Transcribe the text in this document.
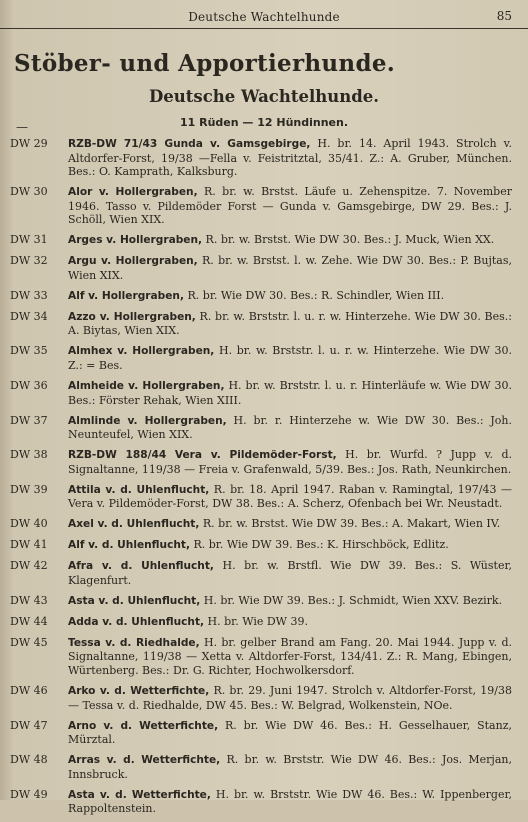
Deutsche Wachtelhunde	85
Stöber- und Apportierhunde.
Deutsche Wachtelhunde.
—	11 Rüden — 12 Hündinnen.
DW 29 RZB-DW 71/43 Gunda v. Gamsgebirge, H. br. 14. April 1943. Strolch v. Altdorfer-Forst, 19/38 —Fella v. Feistritztal, 35/41. Z.: A. Gruber, München. Bes.: O. Kamprath, Kalksburg.
DW 30 Alor v. Hollergraben, R. br. w. Brstst. Läufe u. Zehenspitze. 7. November 1946. Tasso v. Pildemöder Forst — Gunda v. Gamsgebirge, DW 29. Bes.: J. Schöll, Wien XIX.
DW 31 Arges v. Hollergraben, R. br. w. Brstst. Wie DW 30. Bes.: J. Muck, Wien XX.
DW 32 Argu v. Hollergraben, R. br. w. Brstst. l. w. Zehe. Wie DW 30. Bes.: P. Bujtas, Wien XIX.
DW 33 Alf v. Hollergraben, R. br. Wie DW 30. Bes.: R. Schindler, Wien III.
DW 34 Azzo v. Hollergraben, R. br. w. Brststr. l. u. r. w. Hinterzehe. Wie DW 30. Bes.: A. Biytas, Wien XIX.
DW 35 Almhex v. Hollergraben, H. br. w. Brststr. l. u. r. w. Hinterzehe. Wie DW 30. Z.: = Bes.
DW 36 Almheide v. Hollergraben, H. br. w. Brststr. l. u. r. Hinterläufe w. Wie DW 30. Bes.: Förster Rehak, Wien XIII.
DW 37 Almlinde v. Hollergraben, H. br. r. Hinterzehe w. Wie DW 30. Bes.: Joh. Neunteufel, Wien XIX.
DW 38 RZB-DW 188/44 Vera v. Pildemöder-Forst, H. br. Wurfd. ? Jupp v. d. Signaltanne, 119/38 — Freia v. Grafenwald, 5/39. Bes.: Jos. Rath, Neunkirchen.
DW 39 Attila v. d. Uhlenflucht, R. br. 18. April 1947. Raban v. Ramingtal, 197/43 — Vera v. Pildemöder-Forst, DW 38. Bes.: A. Scherz, Ofenbach bei Wr. Neustadt.
DW 40 Axel v. d. Uhlenflucht, R. br. w. Brstst. Wie DW 39. Bes.: A. Makart, Wien IV.
DW 41 Alf v. d. Uhlenflucht, R. br. Wie DW 39. Bes.: K. Hirschböck, Edlitz.
DW 42 Afra v. d. Uhlenflucht, H. br. w. Brstfl. Wie DW 39. Bes.: S. Wüster, Klagenfurt.
DW 43 Asta v. d. Uhlenflucht, H. br. Wie DW 39. Bes.: J. Schmidt, Wien XXV. Bezirk.
DW 44 Adda v. d. Uhlenflucht, H. br. Wie DW 39.
DW 45 Tessa v. d. Riedhalde, H. br. gelber Brand am Fang. 20. Mai 1944. Jupp v. d. Signaltanne, 119/38 — Xetta v. Altdorfer-Forst, 134/41. Z.: R. Mang, Ebingen, Würtenberg. Bes.: Dr. G. Richter, Hochwolkersdorf.
DW 46 Arko v. d. Wetterfichte, R. br. 29. Juni 1947. Strolch v. Altdorfer-Forst, 19/38 — Tessa v. d. Riedhalde, DW 45. Bes.: W. Belgrad, Wolkenstein, NOe.
DW 47 Arno v. d. Wetterfichte, R. br. Wie DW 46. Bes.: H. Gesselhauer, Stanz, Mürztal.
DW 48 Arras v. d. Wetterfichte, R. br. w. Brststr. Wie DW 46. Bes.: Jos. Merjan, Innsbruck.
DW 49 Asta v. d. Wetterfichte, H. br. w. Brststr. Wie DW 46. Bes.: W. Ippenberger, Rappoltenstein.
